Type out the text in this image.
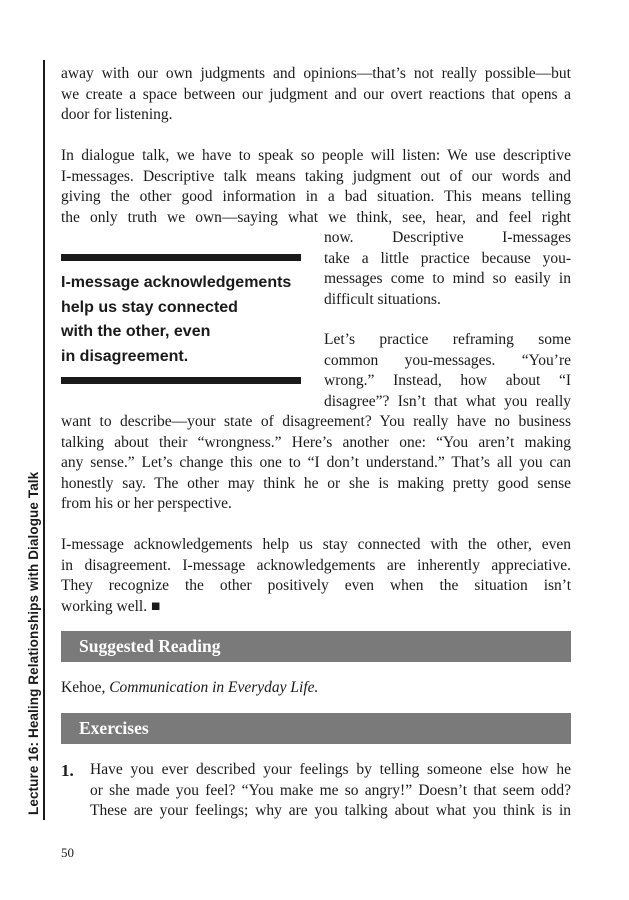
Lecture 16: Healing Relationships with Dialogue Talk
away with our own judgments and opinions—that’s not really possible—but
we create a space between our judgment and our overt reactions that opens a
door for listening.
In dialogue talk, we have to speak so people will listen: We use descriptive
I-messages. Descriptive talk means taking judgment out of our words and
giving the other good information in a bad situation. This means telling
the only truth we own—saying what we think, see, hear, and feel right
I-message acknowledgements
help us stay connected
with the other, even
in disagreement.
now. Descriptive I-messages
take a little practice because you-
messages come to mind so easily in
difficult situations.
Let’s practice reframing some
common you-messages. “You’re
wrong.” Instead, how about “I
disagree”? Isn’t that what you really
want to describe—your state of disagreement? You really have no business
talking about their “wrongness.” Here’s another one: “You aren’t making
any sense.” Let’s change this one to “I don’t understand.” That’s all you can
honestly say. The other may think he or she is making pretty good sense
from his or her perspective.
I-message acknowledgements help us stay connected with the other, even
in disagreement. I-message acknowledgements are inherently appreciative.
They recognize the other positively even when the situation isn’t
working well. ■
Suggested Reading
Kehoe, Communication in Everyday Life.
Exercises
1. Have you ever described your feelings by telling someone else how he
or she made you feel? “You make me so angry!” Doesn’t that seem odd?
These are your feelings; why are you talking about what you think is in
50
